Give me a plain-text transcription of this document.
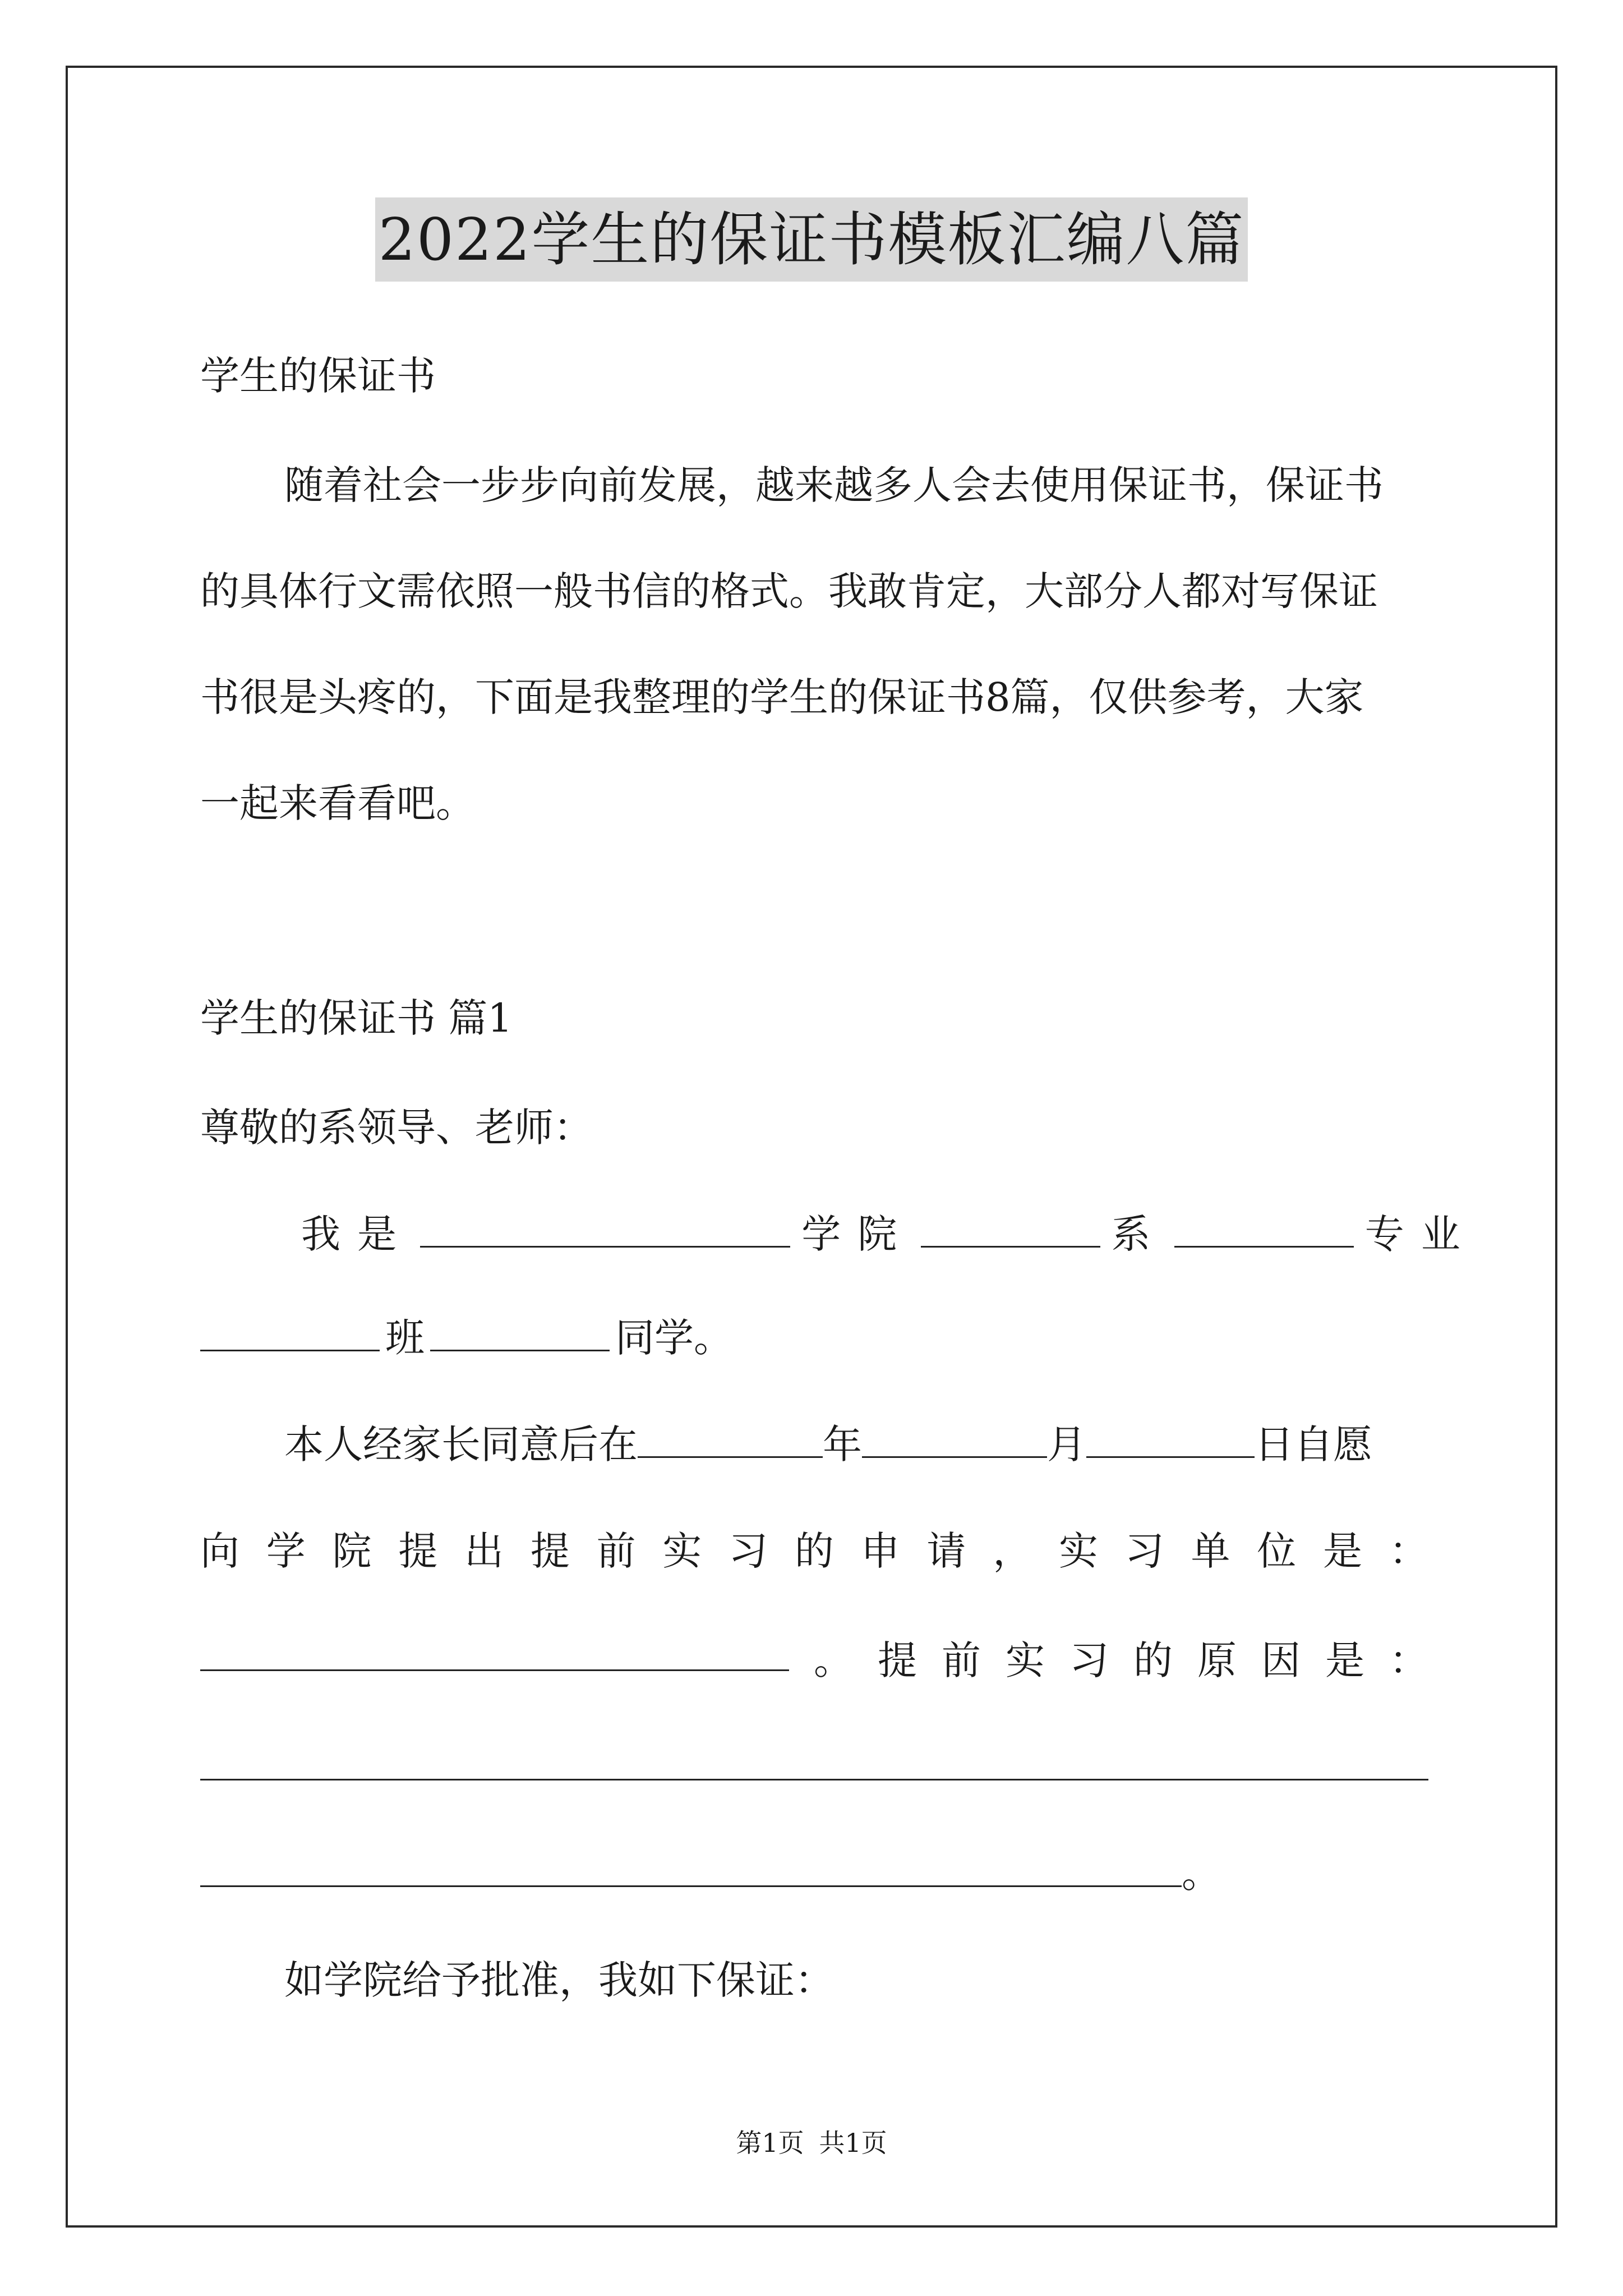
2022学生的保证书模板汇编八篇
学生的保证书
随着社会一步步向前发展，越来越多人会去使用保证书，保证书
的具体行文需依照一般书信的格式。我敢肯定，大部分人都对写保证
书很是头疼的，下面是我整理的学生的保证书8篇，仅供参考，大家
一起来看看吧。
学生的保证书 篇1
尊敬的系领导、老师：
我 是	学 院	系	专 业
班	同学。
本人经家长同意后在	年	月	日自愿
向 学 院 提 出 提 前 实 习 的 申 请 ， 实 习 单 位 是 ：
。 提 前 实 习 的 原 因 是 ：
。
如学院给予批准，我如下保证：
第1页 共1页
